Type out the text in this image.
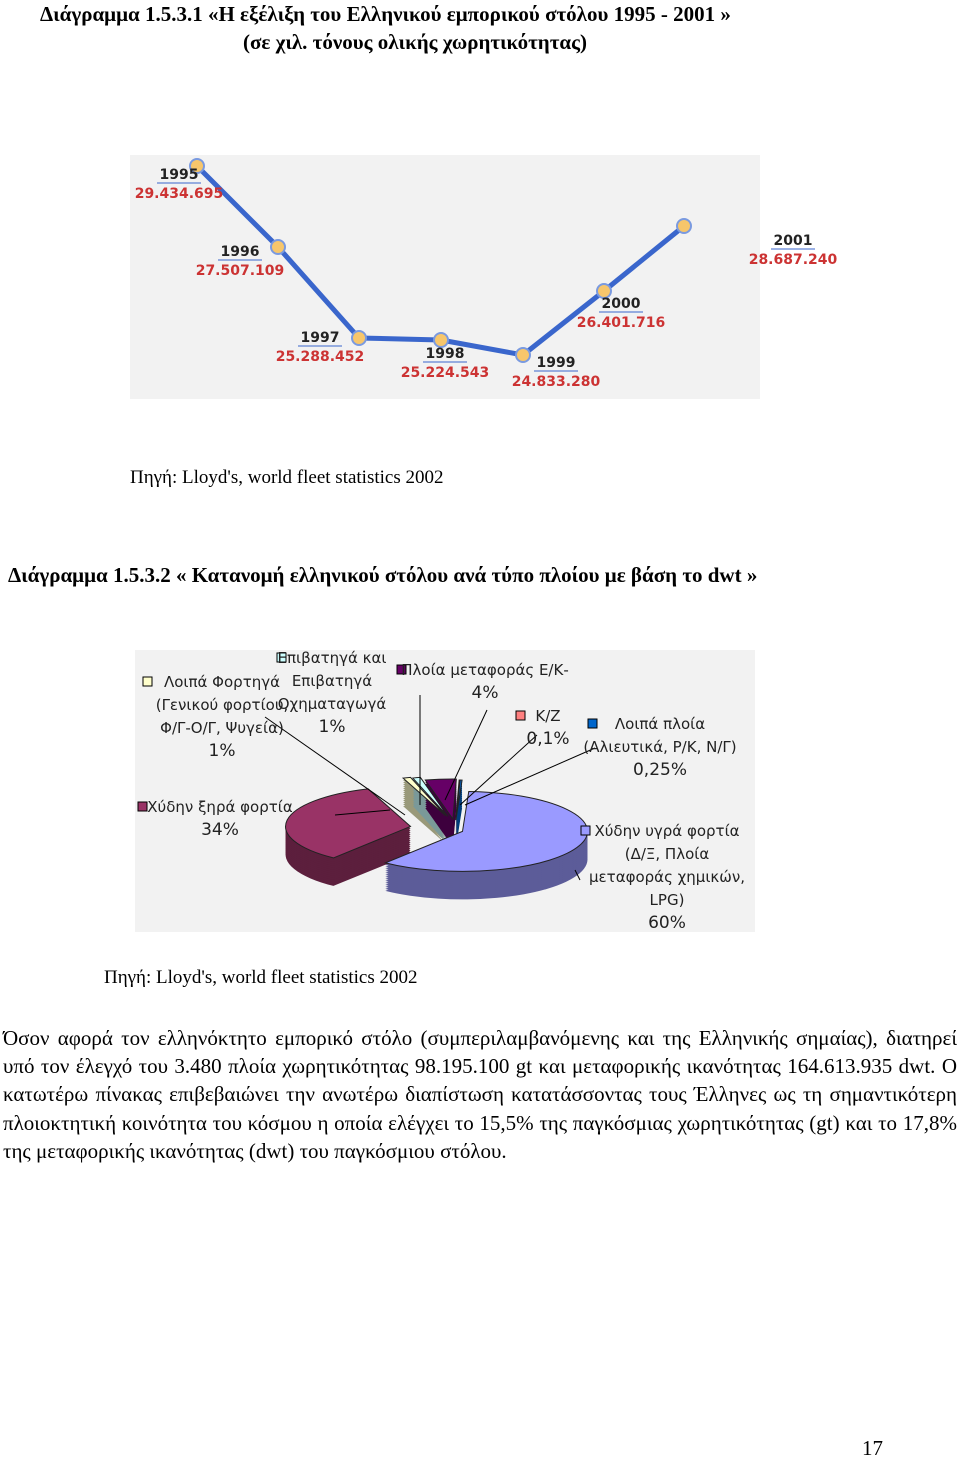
Διάγραμμα 1.5.3.1 «Η εξέλιξη του Ελληνικού εμπορικού στόλου 1995 - 2001 »
(σε χιλ. τόνους ολικής χωρητικότητας)
1995
29.434.695
1996
27.507.109
1997
25.288.452	1998
25.224.543
1999
24.833.280
2000
26.401.716
2001
28.687.240
Πηγή: Lloyd's, world fleet statistics 2002
Διάγραμμα 1.5.3.2 « Κατανομή ελληνικού στόλου ανά τύπο πλοίου με βάση το dwt »
Χύδην υγρά φορτία
(Δ/Ξ, Πλοία
μεταφοράς χημικών,
LPG)
60%
Χύδην ξηρά φορτία
34%
Λοιπά Φορτηγά
(Γενικού φορτίου,
Φ/Γ-Ο/Γ, Ψυγεία)
1%
Επιβατηγά και
Επιβατηγά
Οχηματαγωγά
1%
Πλοία μεταφοράς Ε/Κ-
4%
Κ/Ζ
0,1%
Λοιπά πλοία
(Αλιευτικά, Ρ/Κ, Ν/Γ)
0,25%
Πηγή: Lloyd's, world fleet statistics 2002
Όσον αφορά τον ελληνόκτητο εμπορικό στόλο (συμπεριλαμβανόμενης και της Ελληνικής σημαίας), διατηρεί υπό τον έλεγχό του 3.480 πλοία χωρητικότητας 98.195.100 gt και μεταφορικής ικανότητας 164.613.935 dwt. Ο κατωτέρω πίνακας επιβεβαιώνει την ανωτέρω διαπίστωση κατατάσσοντας τους Έλληνες ως τη σημαντικότερη πλοιοκτητική κοινότητα του κόσμου η οποία ελέγχει το 15,5% της παγκόσμιας χωρητικότητας (gt) και το 17,8% της μεταφορικής ικανότητας (dwt) του παγκόσμιου στόλου.
17
